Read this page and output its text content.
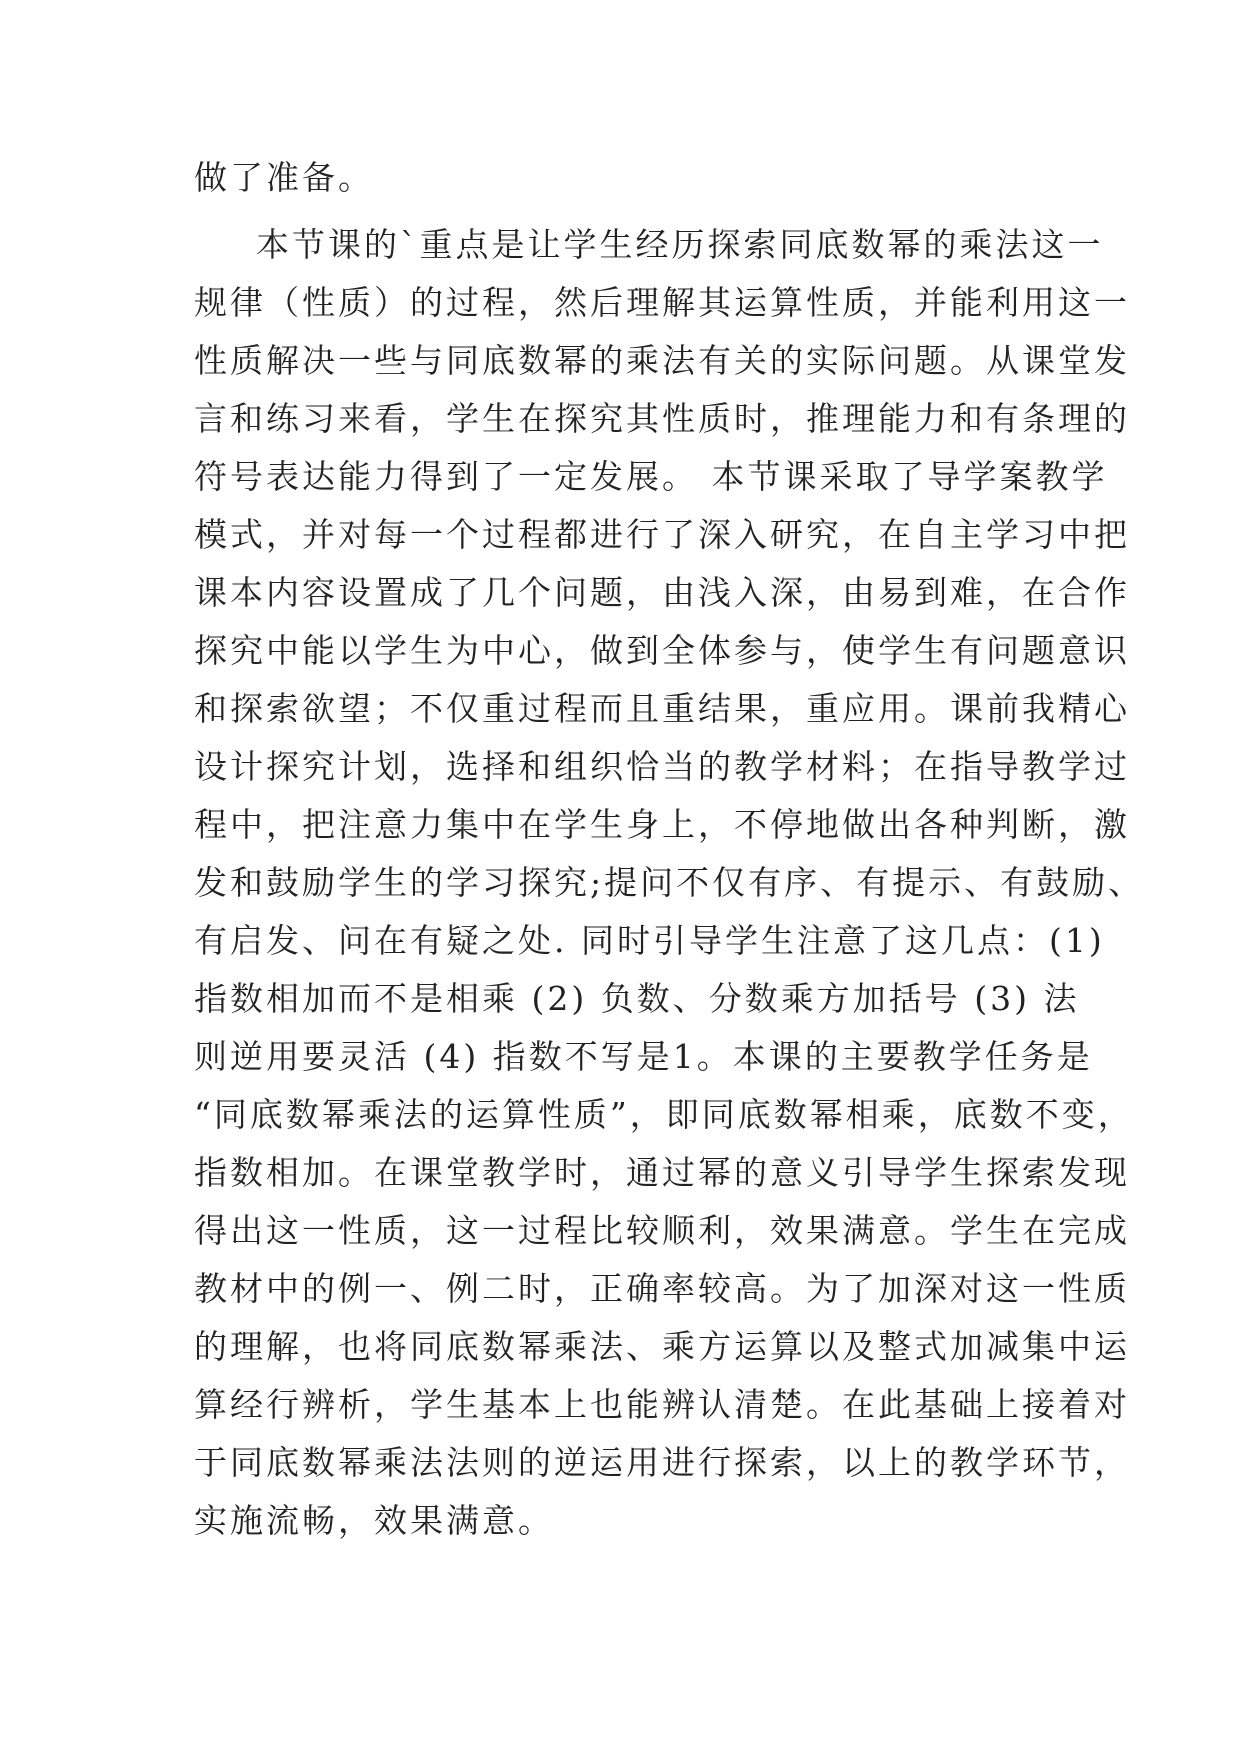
做了准备。

本节课的`重点是让学生经历探索同底数幂的乘法这一

规律（性质）的过程，然后理解其运算性质，并能利用这一

性质解决一些与同底数幂的乘法有关的实际问题。从课堂发

言和练习来看，学生在探究其性质时，推理能力和有条理的

符号表达能力得到了一定发展。 本节课采取了导学案教学

模式，并对每一个过程都进行了深入研究，在自主学习中把

课本内容设置成了几个问题，由浅入深，由易到难，在合作

探究中能以学生为中心，做到全体参与，使学生有问题意识

和探索欲望；不仅重过程而且重结果，重应用。课前我精心

设计探究计划，选择和组织恰当的教学材料；在指导教学过

程中，把注意力集中在学生身上，不停地做出各种判断，激

发和鼓励学生的学习探究;提问不仅有序、有提示、有鼓励、

有启发、问在有疑之处. 同时引导学生注意了这几点：(1)

指数相加而不是相乘 (2) 负数、分数乘方加括号 (3) 法

则逆用要灵活 (4) 指数不写是1。本课的主要教学任务是

“同底数幂乘法的运算性质”，即同底数幂相乘，底数不变，

指数相加。在课堂教学时，通过幂的意义引导学生探索发现

得出这一性质，这一过程比较顺利，效果满意。学生在完成

教材中的例一、例二时，正确率较高。为了加深对这一性质

的理解，也将同底数幂乘法、乘方运算以及整式加减集中运

算经行辨析，学生基本上也能辨认清楚。在此基础上接着对

于同底数幂乘法法则的逆运用进行探索，以上的教学环节，

实施流畅，效果满意。
